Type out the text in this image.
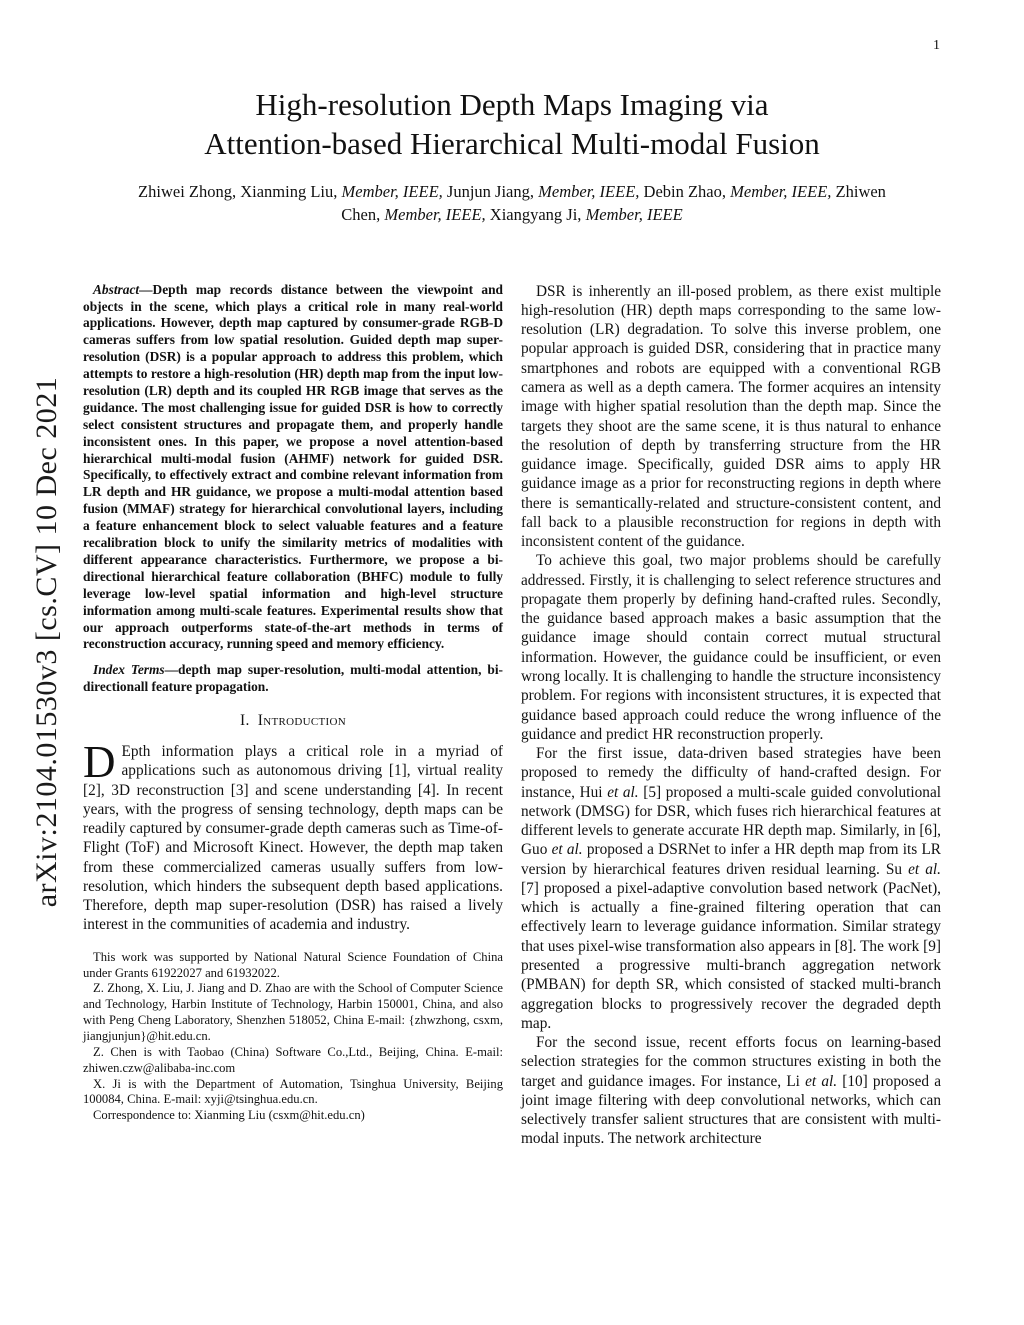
1
arXiv:2104.01530v3 [cs.CV] 10 Dec 2021
High-resolution Depth Maps Imaging via
Attention-based Hierarchical Multi-modal Fusion
Zhiwei Zhong, Xianming Liu, Member, IEEE, Junjun Jiang, Member, IEEE, Debin Zhao, Member, IEEE, Zhiwen Chen, Member, IEEE, Xiangyang Ji, Member, IEEE

Abstract—Depth map records distance between the viewpoint and objects in the scene, which plays a critical role in many real-world applications. However, depth map captured by consumer-grade RGB-D cameras suffers from low spatial resolution. Guided depth map super-resolution (DSR) is a popular approach to address this problem, which attempts to restore a high-resolution (HR) depth map from the input low-resolution (LR) depth and its coupled HR RGB image that serves as the guidance. The most challenging issue for guided DSR is how to correctly select consistent structures and propagate them, and properly handle inconsistent ones. In this paper, we propose a novel attention-based hierarchical multi-modal fusion (AHMF) network for guided DSR. Specifically, to effectively extract and combine relevant information from LR depth and HR guidance, we propose a multi-modal attention based fusion (MMAF) strategy for hierarchical convolutional layers, including a feature enhancement block to select valuable features and a feature recalibration block to unify the similarity metrics of modalities with different appearance characteristics. Furthermore, we propose a bi-directional hierarchical feature collaboration (BHFC) module to fully leverage low-level spatial information and high-level structure information among multi-scale features. Experimental results show that our approach outperforms state-of-the-art methods in terms of reconstruction accuracy, running speed and memory efficiency.

Index Terms—depth map super-resolution, multi-modal attention, bi-directionall feature propagation.

I. Introduction

D Epth information plays a critical role in a myriad of applications such as autonomous driving [1], virtual reality [2], 3D reconstruction [3] and scene understanding [4]. In recent years, with the progress of sensing technology, depth maps can be readily captured by consumer-grade depth cameras such as Time-of-Flight (ToF) and Microsoft Kinect. However, the depth map taken from these commercialized cameras usually suffers from low-resolution, which hinders the subsequent depth based applications. Therefore, depth map super-resolution (DSR) has raised a lively interest in the communities of academia and industry.

This work was supported by National Natural Science Foundation of China under Grants 61922027 and 61932022.

Z. Zhong, X. Liu, J. Jiang and D. Zhao are with the School of Computer Science and Technology, Harbin Institute of Technology, Harbin 150001, China, and also with Peng Cheng Laboratory, Shenzhen 518052, China E-mail: {zhwzhong, csxm, jiangjunjun}@hit.edu.cn.

Z. Chen is with Taobao (China) Software Co.,Ltd., Beijing, China. E-mail: zhiwen.czw@alibaba-inc.com

X. Ji is with the Department of Automation, Tsinghua University, Beijing 100084, China. E-mail: xyji@tsinghua.edu.cn.

Correspondence to: Xianming Liu (csxm@hit.edu.cn)

DSR is inherently an ill-posed problem, as there exist multiple high-resolution (HR) depth maps corresponding to the same low-resolution (LR) degradation. To solve this inverse problem, one popular approach is guided DSR, considering that in practice many smartphones and robots are equipped with a conventional RGB camera as well as a depth camera. The former acquires an intensity image with higher spatial resolution than the depth map. Since the targets they shoot are the same scene, it is thus natural to enhance the resolution of depth by transferring structure from the HR guidance image. Specifically, guided DSR aims to apply HR guidance image as a prior for reconstructing regions in depth where there is semantically-related and structure-consistent content, and fall back to a plausible reconstruction for regions in depth with inconsistent content of the guidance.

To achieve this goal, two major problems should be carefully addressed. Firstly, it is challenging to select reference structures and propagate them properly by defining hand-crafted rules. Secondly, the guidance based approach makes a basic assumption that the guidance image should contain correct mutual structural information. However, the guidance could be insufficient, or even wrong locally. It is challenging to handle the structure inconsistency problem. For regions with inconsistent structures, it is expected that guidance based approach could reduce the wrong influence of the guidance and predict HR reconstruction properly.

For the first issue, data-driven based strategies have been proposed to remedy the difficulty of hand-crafted design. For instance, Hui et al. [5] proposed a multi-scale guided convolutional network (DMSG) for DSR, which fuses rich hierarchical features at different levels to generate accurate HR depth map. Similarly, in [6], Guo et al. proposed a DSRNet to infer a HR depth map from its LR version by hierarchical features driven residual learning. Su et al. [7] proposed a pixel-adaptive convolution based network (PacNet), which is actually a fine-grained filtering operation that can effectively learn to leverage guidance information. Similar strategy that uses pixel-wise transformation also appears in [8]. The work [9] presented a progressive multi-branch aggregation network (PMBAN) for depth SR, which consisted of stacked multi-branch aggregation blocks to progressively recover the degraded depth map.

For the second issue, recent efforts focus on learning-based selection strategies for the common structures existing in both the target and guidance images. For instance, Li et al. [10] proposed a joint image filtering with deep convolutional networks, which can selectively transfer salient structures that are consistent with multi-modal inputs. The network architecture
